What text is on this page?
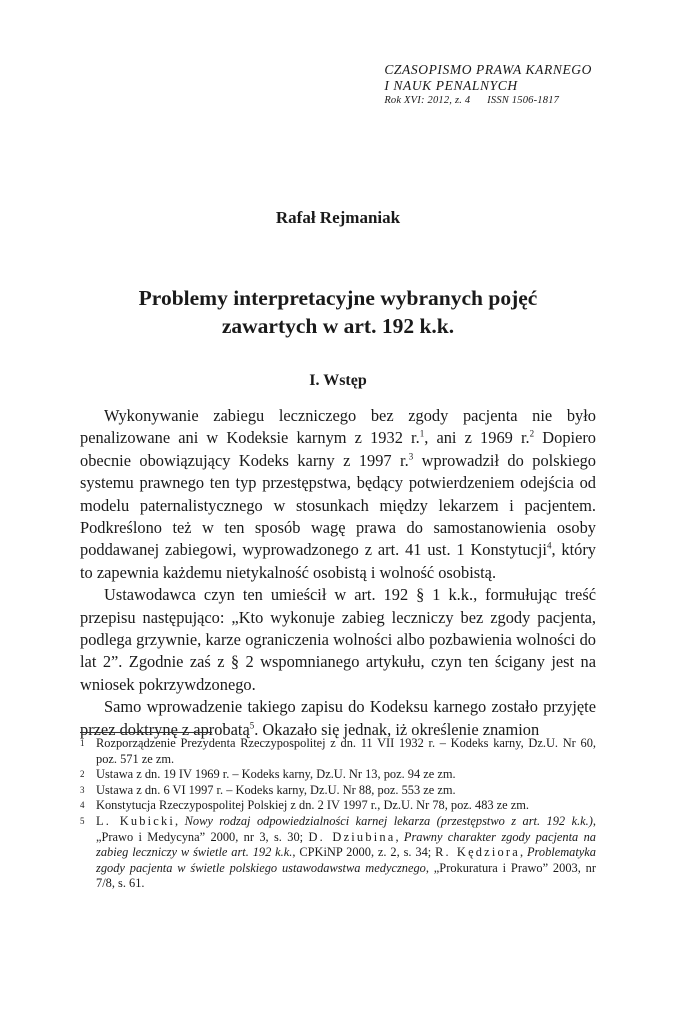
CZASOPISMO PRAWA KARNEGO
I NAUK PENALNYCH
Rok XVI: 2012, z. 4 ISSN 1506-1817
Rafał Rejmaniak
Problemy interpretacyjne wybranych pojęć
zawartych w art. 192 k.k.
I. Wstęp

Wykonywanie zabiegu leczniczego bez zgody pacjenta nie było penalizowane ani w Kodeksie karnym z 1932 r.$^1$, ani z 1969 r.$^2$ Dopiero obecnie obowiązujący Kodeks karny z 1997 r.$^3$ wprowadził do polskiego systemu prawnego ten typ przestępstwa, będący potwierdzeniem odejścia od modelu paternalistycznego w stosunkach między lekarzem i pacjentem. Podkreślono też w ten sposób wagę prawa do samostanowienia osoby poddawanej zabiegowi, wyprowadzonego z art. 41 ust. 1 Konstytucji$^4$, który to zapewnia każdemu nietykalność osobistą i wolność osobistą.

Ustawodawca czyn ten umieścił w art. 192 § 1 k.k., formułując treść przepisu następująco: „Kto wykonuje zabieg leczniczy bez zgody pacjenta, podlega grzywnie, karze ograniczenia wolności albo pozbawienia wolności do lat 2”. Zgodnie zaś z § 2 wspomnianego artykułu, czyn ten ścigany jest na wniosek pokrzywdzonego.

Samo wprowadzenie takiego zapisu do Kodeksu karnego zostało przyjęte przez doktrynę z aprobatą$^5$. Okazało się jednak, iż określenie znamion

1 Rozporządzenie Prezydenta Rzeczypospolitej z dn. 11 VII 1932 r. – Kodeks karny, Dz.U. Nr 60, poz. 571 ze zm.
2 Ustawa z dn. 19 IV 1969 r. – Kodeks karny, Dz.U. Nr 13, poz. 94 ze zm.
3 Ustawa z dn. 6 VI 1997 r. – Kodeks karny, Dz.U. Nr 88, poz. 553 ze zm.
4 Konstytucja Rzeczypospolitej Polskiej z dn. 2 IV 1997 r., Dz.U. Nr 78, poz. 483 ze zm.
5 L. Kubicki, Nowy rodzaj odpowiedzialności karnej lekarza (przestępstwo z art. 192 k.k.), „Prawo i Medycyna” 2000, nr 3, s. 30; D. Dziubina, Prawny charakter zgody pacjenta na zabieg leczniczy w świetle art. 192 k.k., CPKiNP 2000, z. 2, s. 34; R. Kędziora, Problematyka zgody pacjenta w świetle polskiego ustawodawstwa medycznego, „Prokuratura i Prawo” 2003, nr 7/8, s. 61.
